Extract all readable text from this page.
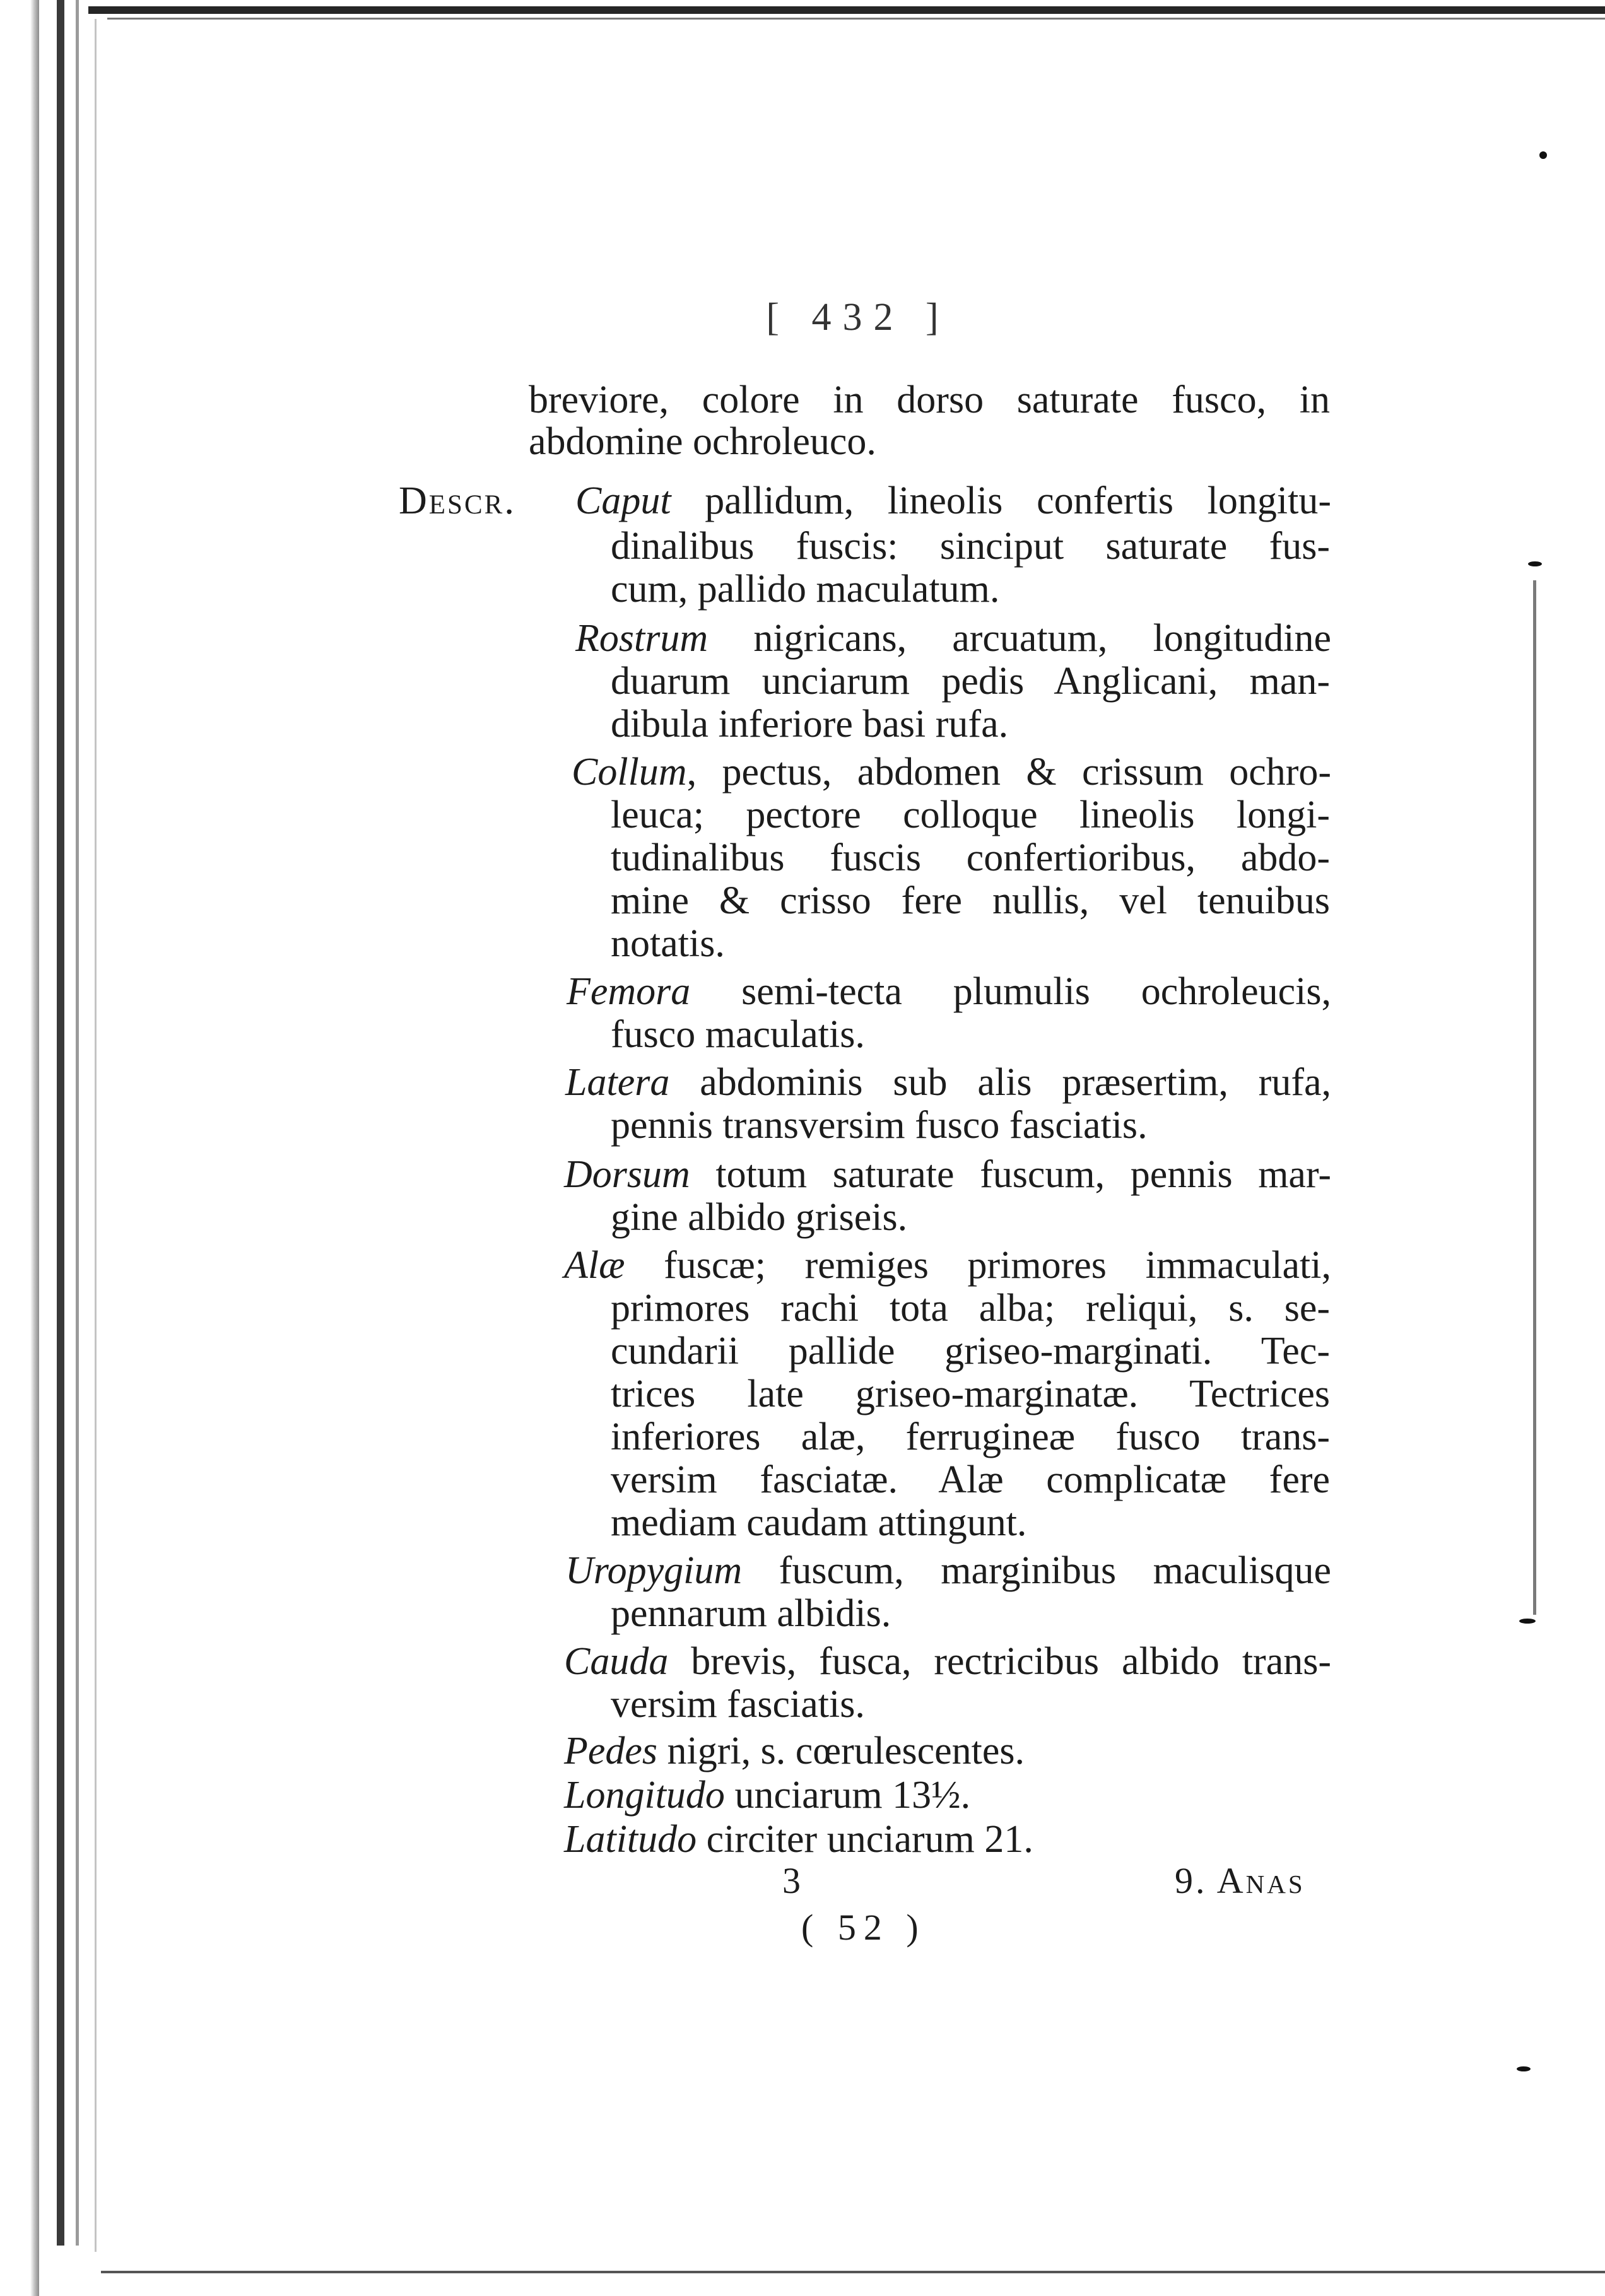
[ 432 ]
breviore, colore in dorso saturate fusco, in
abdomine ochroleuco.
Descr. Caput pallidum, lineolis confertis longitu-
dinalibus fuscis: sinciput saturate fus-
cum, pallido maculatum.
Rostrum nigricans, arcuatum, longitudine
duarum unciarum pedis Anglicani, man-
dibula inferiore basi rufa.
Collum, pectus, abdomen & crissum ochro-
leuca; pectore colloque lineolis longi-
tudinalibus fuscis confertioribus, abdo-
mine & crisso fere nullis, vel tenuibus
notatis.
Femora semi-tecta plumulis ochroleucis,
fusco maculatis.
Latera abdominis sub alis præsertim, rufa,
pennis transversim fusco fasciatis.
Dorsum totum saturate fuscum, pennis mar-
gine albido griseis.
Alæ fuscæ; remiges primores immaculati,
primores rachi tota alba; reliqui, s. se-
cundarii pallide griseo-marginati. Tec-
trices late griseo-marginatæ. Tectrices
inferiores alæ, ferrugineæ fusco trans-
versim fasciatæ. Alæ complicatæ fere
mediam caudam attingunt.
Uropygium fuscum, marginibus maculisque
pennarum albidis.
Cauda brevis, fusca, rectricibus albido trans-
versim fasciatis.
Pedes nigri, s. cœrulescentes.
Longitudo unciarum 13½.
Latitudo circiter unciarum 21.
3	9. Anas
( 52 )
